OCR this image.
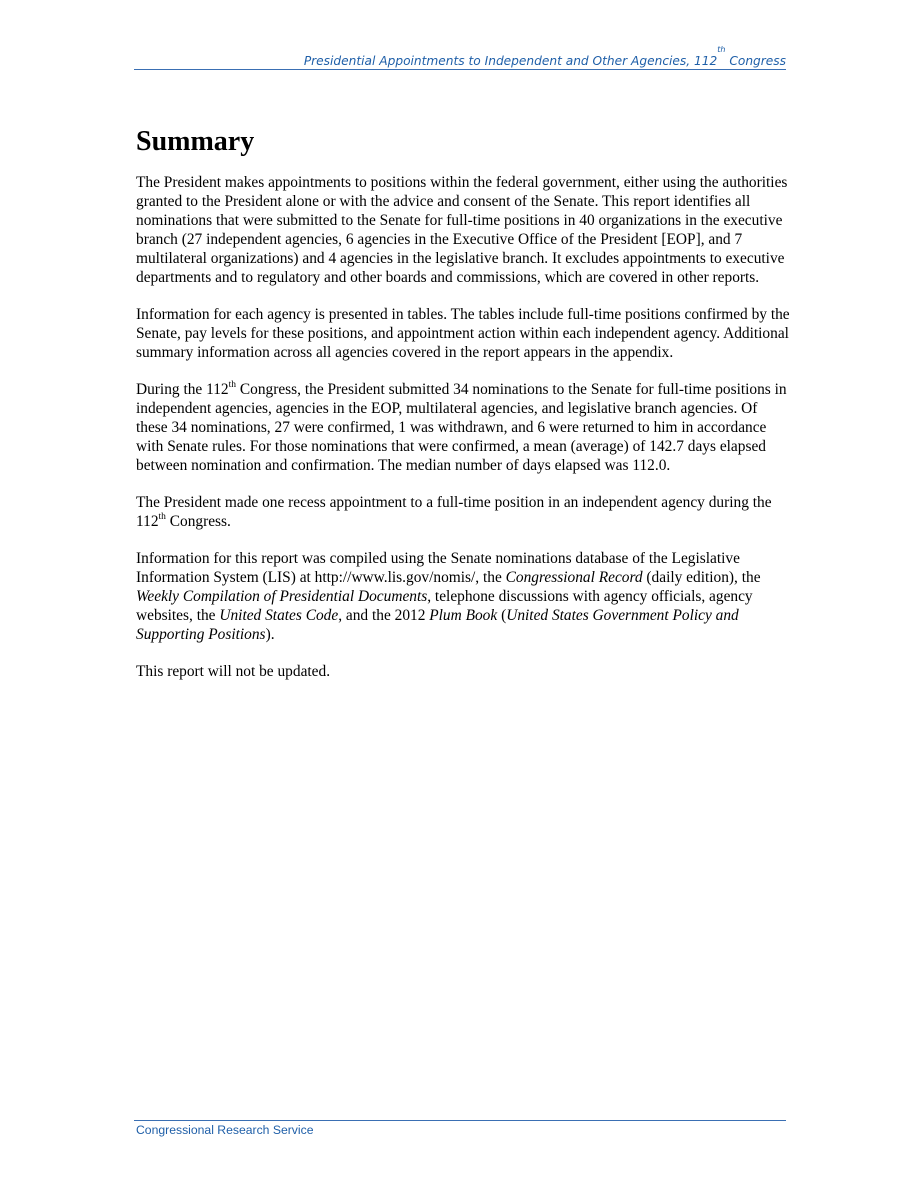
Presidential Appointments to Independent and Other Agencies, 112th Congress
Summary

The President makes appointments to positions within the federal government, either using the authorities granted to the President alone or with the advice and consent of the Senate. This report identifies all nominations that were submitted to the Senate for full-time positions in 40 organizations in the executive branch (27 independent agencies, 6 agencies in the Executive Office of the President [EOP], and 7 multilateral organizations) and 4 agencies in the legislative branch. It excludes appointments to executive departments and to regulatory and other boards and commissions, which are covered in other reports.

Information for each agency is presented in tables. The tables include full-time positions confirmed by the Senate, pay levels for these positions, and appointment action within each independent agency. Additional summary information across all agencies covered in the report appears in the appendix.

During the 112th Congress, the President submitted 34 nominations to the Senate for full-time positions in independent agencies, agencies in the EOP, multilateral agencies, and legislative branch agencies. Of these 34 nominations, 27 were confirmed, 1 was withdrawn, and 6 were returned to him in accordance with Senate rules. For those nominations that were confirmed, a mean (average) of 142.7 days elapsed between nomination and confirmation. The median number of days elapsed was 112.0.

The President made one recess appointment to a full-time position in an independent agency during the 112th Congress.

Information for this report was compiled using the Senate nominations database of the Legislative Information System (LIS) at http://www.lis.gov/nomis/, the Congressional Record (daily edition), the Weekly Compilation of Presidential Documents, telephone discussions with agency officials, agency websites, the United States Code, and the 2012 Plum Book (United States Government Policy and Supporting Positions).

This report will not be updated.

Congressional Research Service
